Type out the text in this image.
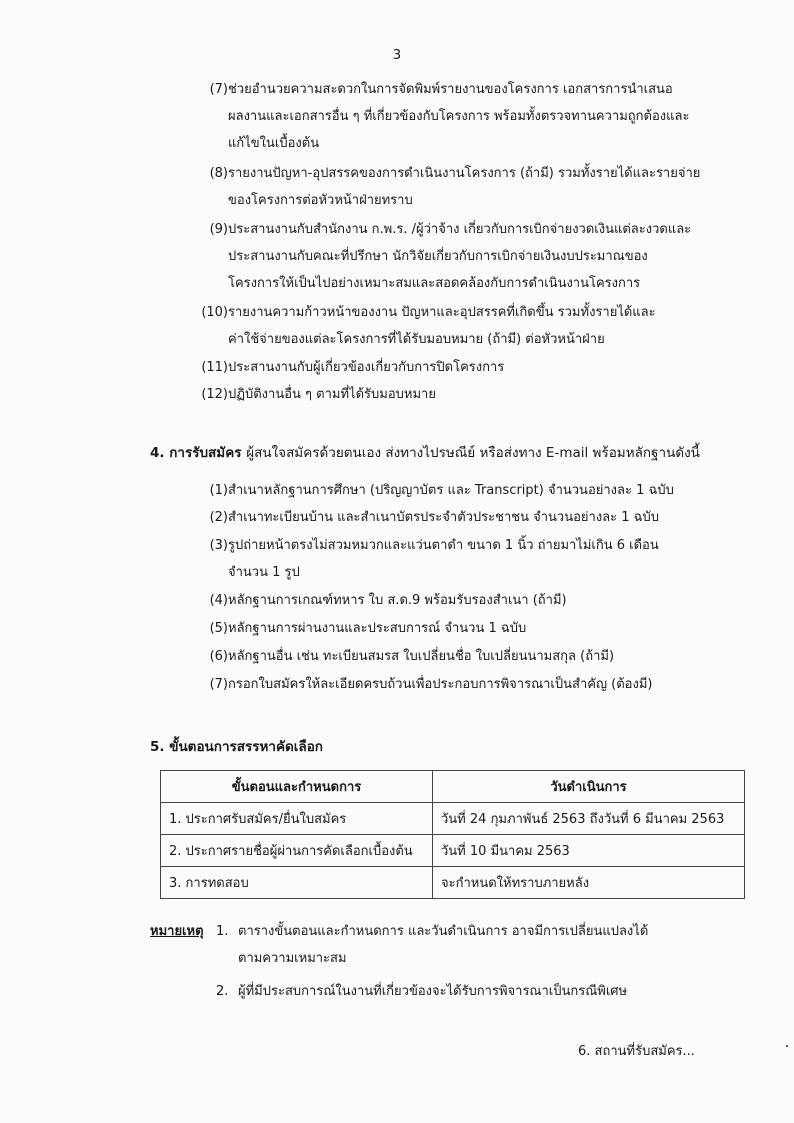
3
(7) ช่วยอำนวยความสะดวกในการจัดพิมพ์รายงานของโครงการ เอกสารการนำเสนอ
ผลงานและเอกสารอื่น ๆ ที่เกี่ยวข้องกับโครงการ พร้อมทั้งตรวจทานความถูกต้องและ
แก้ไขในเบื้องต้น
(8) รายงานปัญหา-อุปสรรคของการดำเนินงานโครงการ (ถ้ามี) รวมทั้งรายได้และรายจ่าย
ของโครงการต่อหัวหน้าฝ่ายทราบ
(9) ประสานงานกับสำนักงาน ก.พ.ร. /ผู้ว่าจ้าง เกี่ยวกับการเบิกจ่ายงวดเงินแต่ละงวดและ
ประสานงานกับคณะที่ปรึกษา นักวิจัยเกี่ยวกับการเบิกจ่ายเงินงบประมาณของ
โครงการให้เป็นไปอย่างเหมาะสมและสอดคล้องกับการดำเนินงานโครงการ
(10) รายงานความก้าวหน้าของงาน ปัญหาและอุปสรรคที่เกิดขึ้น รวมทั้งรายได้และ
ค่าใช้จ่ายของแต่ละโครงการที่ได้รับมอบหมาย (ถ้ามี) ต่อหัวหน้าฝ่าย
(11) ประสานงานกับผู้เกี่ยวข้องเกี่ยวกับการปิดโครงการ
(12) ปฏิบัติงานอื่น ๆ ตามที่ได้รับมอบหมาย
4. การรับสมัคร ผู้สนใจสมัครด้วยตนเอง ส่งทางไปรษณีย์ หรือส่งทาง E-mail พร้อมหลักฐานดังนี้
(1) สำเนาหลักฐานการศึกษา (ปริญญาบัตร และ Transcript) จำนวนอย่างละ 1 ฉบับ
(2) สำเนาทะเบียนบ้าน และสำเนาบัตรประจำตัวประชาชน จำนวนอย่างละ 1 ฉบับ
(3) รูปถ่ายหน้าตรงไม่สวมหมวกและแว่นตาดำ ขนาด 1 นิ้ว ถ่ายมาไม่เกิน 6 เดือน
จำนวน 1 รูป
(4) หลักฐานการเกณฑ์ทหาร ใบ ส.ด.9 พร้อมรับรองสำเนา (ถ้ามี)
(5) หลักฐานการผ่านงานและประสบการณ์ จำนวน 1 ฉบับ
(6) หลักฐานอื่น เช่น ทะเบียนสมรส ใบเปลี่ยนชื่อ ใบเปลี่ยนนามสกุล (ถ้ามี)
(7) กรอกใบสมัครให้ละเอียดครบถ้วนเพื่อประกอบการพิจารณาเป็นสำคัญ (ต้องมี)
5. ขั้นตอนการสรรหาคัดเลือก
ขั้นตอนและกำหนดการ	วันดำเนินการ
1. ประกาศรับสมัคร/ยื่นใบสมัคร	วันที่ 24 กุมภาพันธ์ 2563 ถึงวันที่ 6 มีนาคม 2563
2. ประกาศรายชื่อผู้ผ่านการคัดเลือกเบื้องต้น	วันที่ 10 มีนาคม 2563
3. การทดสอบ	จะกำหนดให้ทราบภายหลัง
หมายเหตุ 1. ตารางขั้นตอนและกำหนดการ และวันดำเนินการ อาจมีการเปลี่ยนแปลงได้
ตามความเหมาะสม
2. ผู้ที่มีประสบการณ์ในงานที่เกี่ยวข้องจะได้รับการพิจารณาเป็นกรณีพิเศษ
6. สถานที่รับสมัคร...
